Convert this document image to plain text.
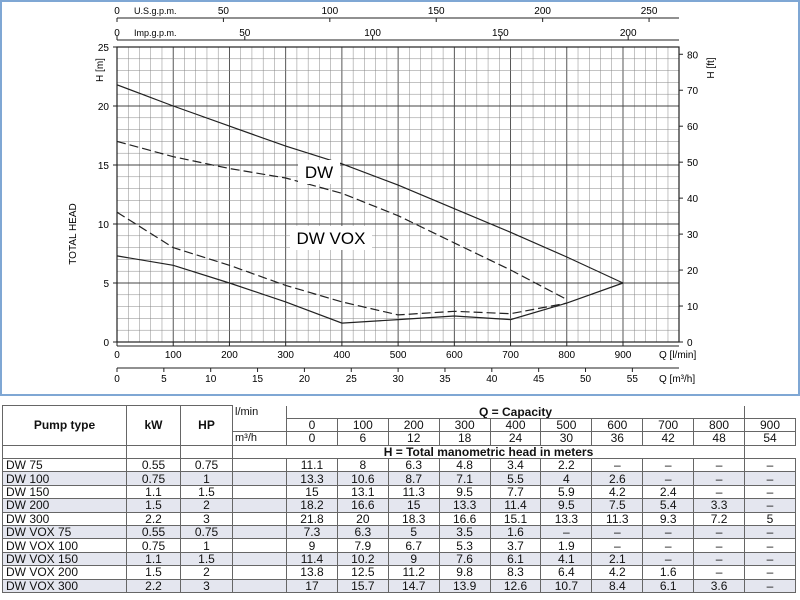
0
5
10
15
20
25
0
10
20
30
40
50
60
70
80
H [m]	H [ft]
TOTAL HEAD
0	100	200	300	400	500	600	700	800	900	Q [l/min]
0	5	10	15	20	25	30	35	40	45	50	55 Q [m³/h]
0	50	100	150	200	250
U.S.g.p.m.
0	50	100	150	200
Imp.g.p.m.
DW
DW VOX
Pump type	kW	HP	l/min	Q = Capacity									
				0	100	200	300	400	500	600	700	800	900
			m³/h	0	6	12	18	24	30	36	42	48	54
			H = Total manometric head in meters										
DW 75	0.55	0.75		11.1	8	6.3	4.8	3.4	2.2	–	–	–	–
DW 100	0.75	1		13.3	10.6	8.7	7.1	5.5	4	2.6	–	–	–
DW 150	1.1	1.5		15	13.1	11.3	9.5	7.7	5.9	4.2	2.4	–	–
DW 200	1.5	2		18.2	16.6	15	13.3	11.4	9.5	7.5	5.4	3.3	–
DW 300	2.2	3		21.8	20	18.3	16.6	15.1	13.3	11.3	9.3	7.2	5
DW VOX 75	0.55	0.75		7.3	6.3	5	3.5	1.6	–	–	–	–	–
DW VOX 100	0.75	1		9	7.9	6.7	5.3	3.7	1.9	–	–	–	–
DW VOX 150	1.1	1.5		11.4	10.2	9	7.6	6.1	4.1	2.1	–	–	–
DW VOX 200	1.5	2		13.8	12.5	11.2	9.8	8.3	6.4	4.2	1.6	–	–
DW VOX 300	2.2	3		17	15.7	14.7	13.9	12.6	10.7	8.4	6.1	3.6	–
